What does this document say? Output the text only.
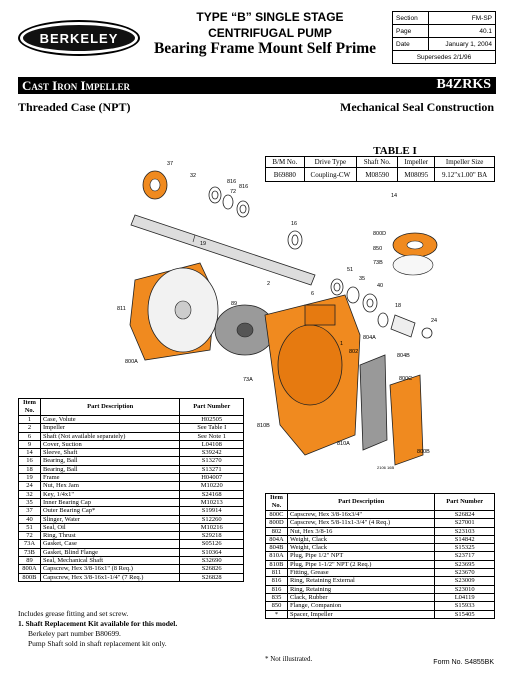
BERKELEY
TYPE “B” SINGLE STAGE
CENTRIFUGAL PUMP
Bearing Frame Mount Self Prime
Section	FM-SP
Page	40.1
Date	January 1, 2004
Supersedes 2/1/96	
Cast Iron Impeller	B4ZRKS
Threaded Case (NPT)	Mechanical Seal Construction
37
32
816
72
816
16
19
811
14
800D
850
73B
51
35
40
18
24
89
2
1
6
800A
73A
802
804A
804B
800C
810B
810A
800B
2106 16B
TABLE I
B/M No.	Drive Type	Shaft No.	Impeller	Impeller Size
B69880	Coupling-CW	M08590	M08095	9.12"x1.00" BA
Item No.	Part Description	Part Number
1	Case, Volute	H02505
2	Impeller	See Table I
6	Shaft (Not available separately)	See Note 1
9	Cover, Suction	L04108
14	Sleeve, Shaft	S39242
16	Bearing, Ball	S13270
18	Bearing, Ball	S13271
19	Frame	H04007
24	Nut, Hex Jam	M10220
32	Key, 1/4x1"	S24168
35	Inner Bearing Cap	M10213
37	Outer Bearing Cap*	S19914
40	Slinger, Water	S12260
51	Seal, Oil	M10216
72	Ring, Thrust	S29218
73A	Gasket, Case	S05126
73B	Gasket, Blind Flange	S10364
89	Seal, Mechanical Shaft	S32690
800A	Capscrew, Hex 3/8-16x1" (8 Req.)	S26826
800B	Capscrew, Hex 3/8-16x1-1/4" (7 Req.)	S26828
Item No.	Part Description	Part Number
800C	Capscrew, Hex 3/8-16x3/4"	S26824
800D	Capscrew, Hex 5/8-11x1-3/4" (4 Req.)	S27001
802	Nut, Hex 3/8-16	S23103
804A	Weight, Clack	S14842
804B	Weight, Clack	S15325
810A	Plug, Pipe 1/2" NPT	S23717
810B	Plug, Pipe 1-1/2" NPT (2 Req.)	S23695
811	Fitting, Grease	S23670
816	Ring, Retaining External	S23009
816	Ring, Retaining	S23010
835	Clack, Rubber	L04119
850	Flange, Companion	S15933
*	Spacer, Impeller	S15405
Includes grease fitting and set screw.
1. Shaft Replacement Kit available for this model.
Berkeley part number B80699.
Pump Shaft sold in shaft replacement kit only.
* Not illustrated.	Form No. S4855BK
